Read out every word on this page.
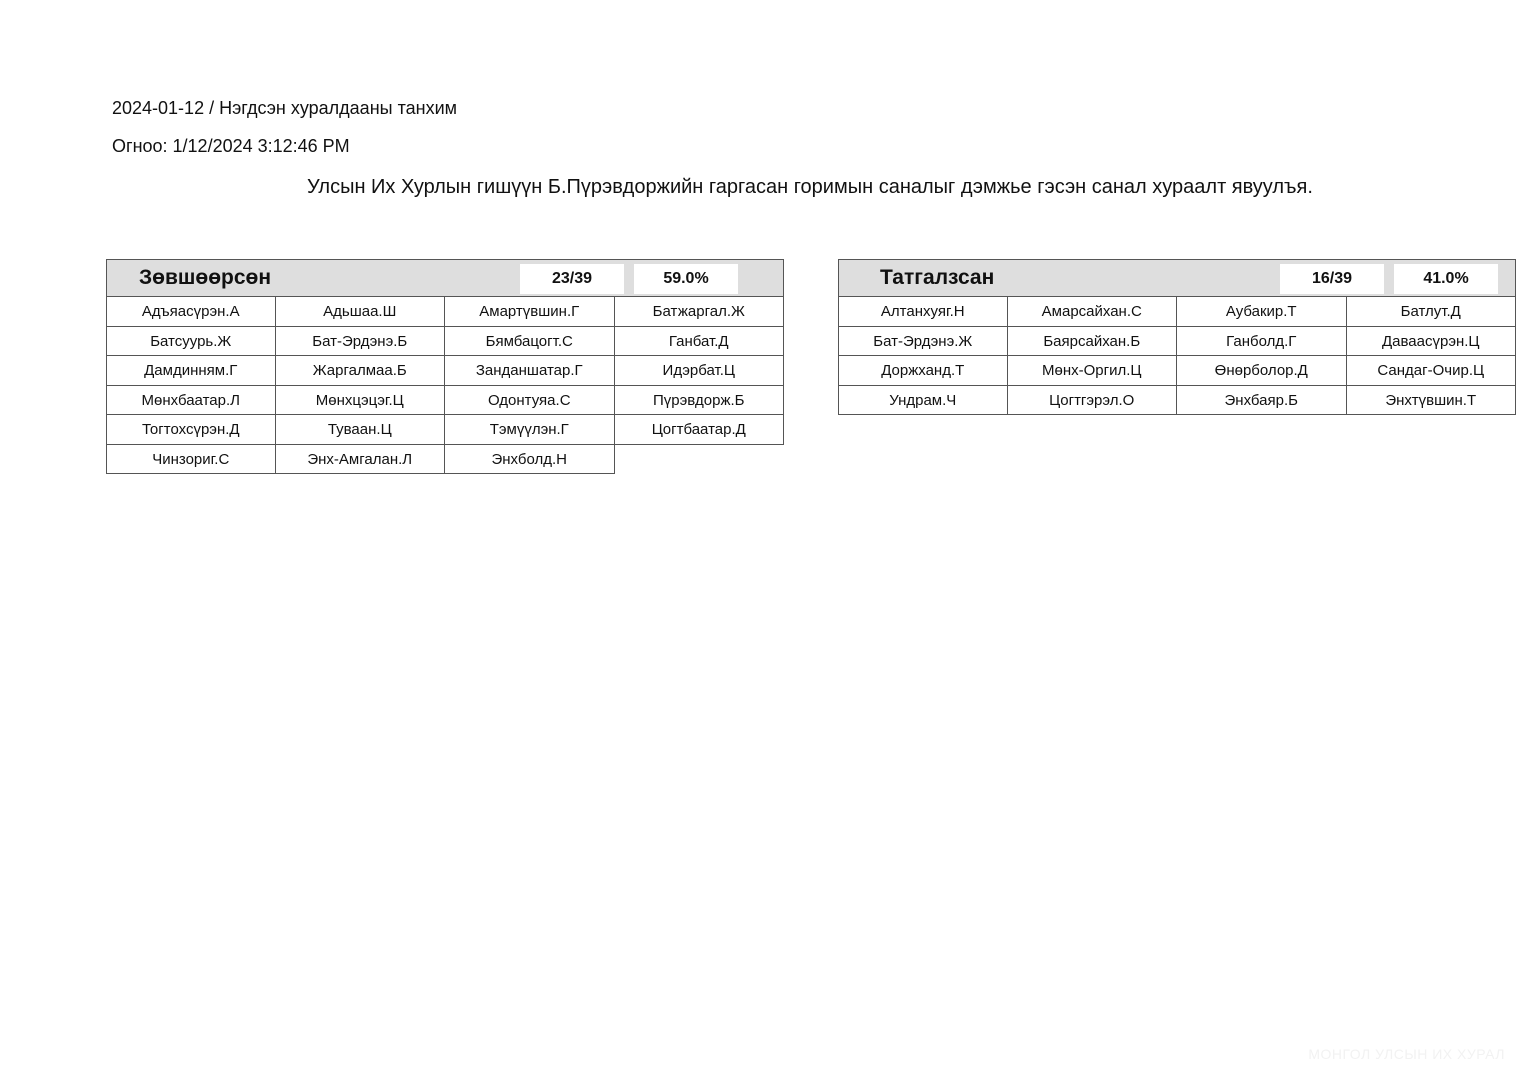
2024-01-12 / Нэгдсэн хуралдааны танхим
Огноо: 1/12/2024 3:12:46 PM
Улсын Их Хурлын гишүүн Б.Пүрэвдоржийн гаргасан горимын саналыг дэмжье гэсэн санал хураалт явуулъя.
Зөвшөөрсөн	23/39	59.0%
Адъяасүрэн.А	Адьшаа.Ш	Амартүвшин.Г	Батжаргал.Ж
Батсуурь.Ж	Бат-Эрдэнэ.Б	Бямбацогт.С	Ганбат.Д
Дамдинням.Г	Жаргалмаа.Б	Занданшатар.Г	Идэрбат.Ц
Мөнхбаатар.Л	Мөнхцэцэг.Ц	Одонтуяа.С	Пүрэвдорж.Б
Тогтохсүрэн.Д	Туваан.Ц	Тэмүүлэн.Г	Цогтбаатар.Д
Чинзориг.С	Энх-Амгалан.Л	Энхболд.Н
Татгалзсан	16/39	41.0%
Алтанхуяг.Н	Амарсайхан.С	Аубакир.Т	Батлут.Д
Бат-Эрдэнэ.Ж	Баярсайхан.Б	Ганболд.Г	Даваасүрэн.Ц
Доржханд.Т	Мөнх-Оргил.Ц	Өнөрболор.Д	Сандаг-Очир.Ц
Ундрам.Ч	Цогтгэрэл.О	Энхбаяр.Б	Энхтүвшин.Т
МОНГОЛ УЛСЫН ИХ ХУРАЛ
